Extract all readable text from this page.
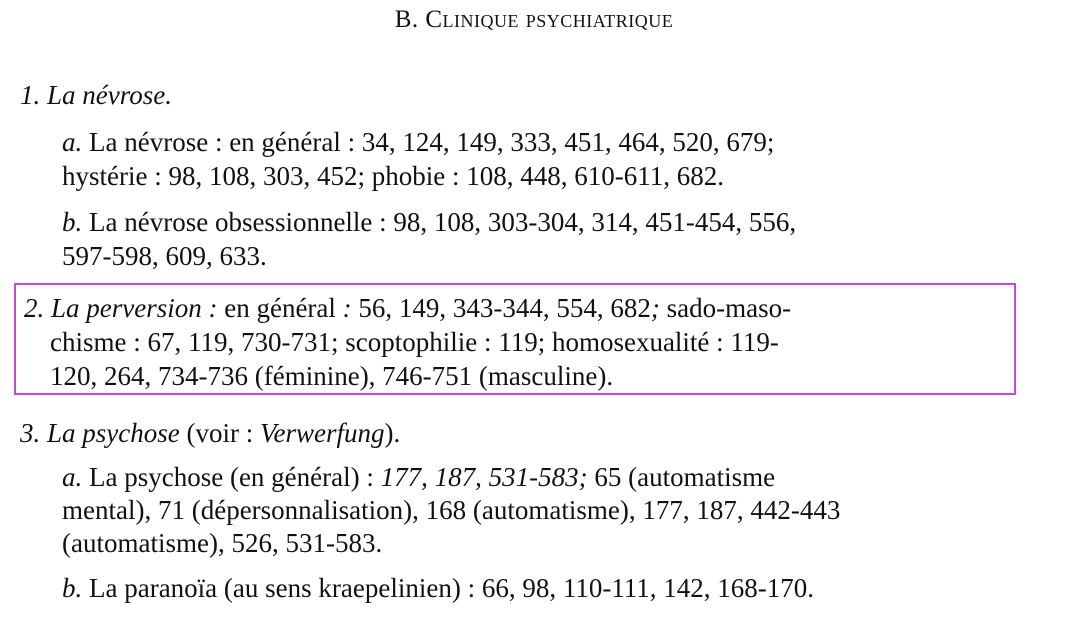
B. Clinique psychiatrique
1. La névrose.
a. La névrose : en général : 34, 124, 149, 333, 451, 464, 520, 679;
hystérie : 98, 108, 303, 452; phobie : 108, 448, 610-611, 682.
b. La névrose obsessionnelle : 98, 108, 303-304, 314, 451-454, 556,
597-598, 609, 633.
2. La perversion : en général : 56, 149, 343-344, 554, 682; sado-maso-
chisme : 67, 119, 730-731; scoptophilie : 119; homosexualité : 119-
120, 264, 734-736 (féminine), 746-751 (masculine).
3. La psychose (voir : Verwerfung).
a. La psychose (en général) : 177, 187, 531-583; 65 (automatisme
mental), 71 (dépersonnalisation), 168 (automatisme), 177, 187, 442-443
(automatisme), 526, 531-583.
b. La paranoïa (au sens kraepelinien) : 66, 98, 110-111, 142, 168-170.
